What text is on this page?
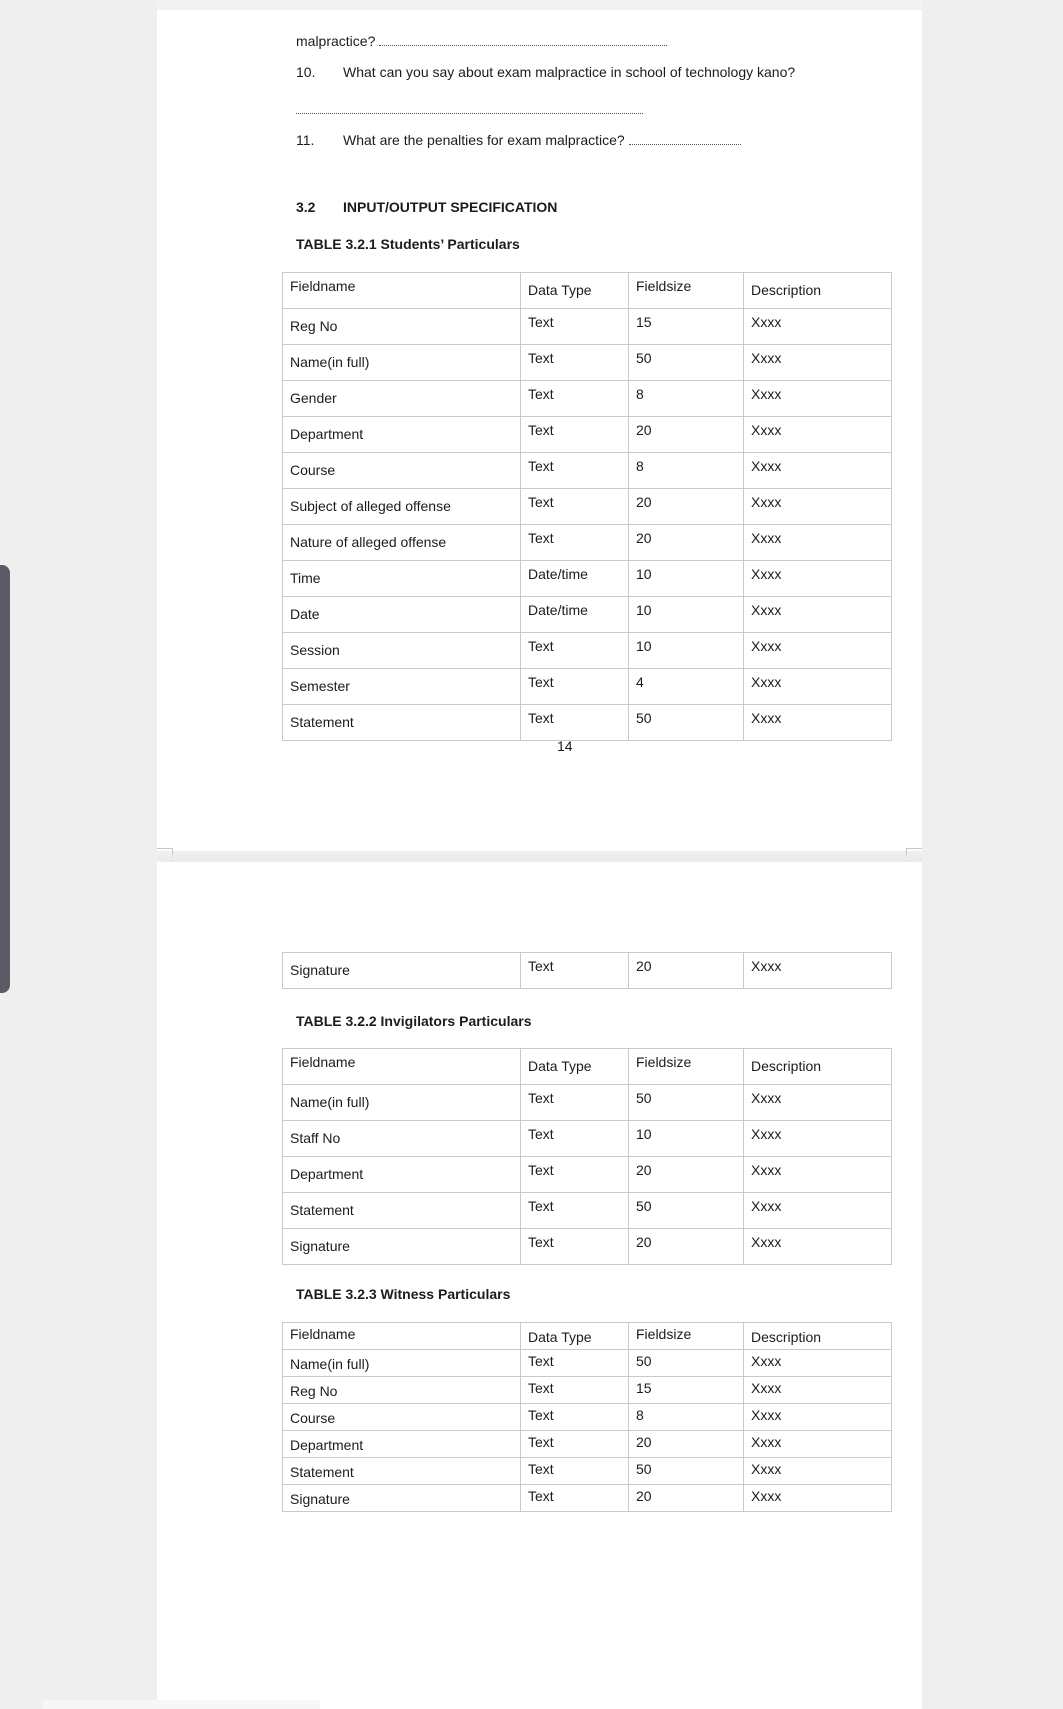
malpractice?
10. What can you say about exam malpractice in school of technology kano?
11. What are the penalties for exam malpractice?
3.2 INPUT/OUTPUT SPECIFICATION
TABLE 3.2.1 Students’ Particulars
Fieldname	Data Type	Fieldsize	Description
Reg No	Text	15	Xxxx
Name(in full)	Text	50	Xxxx
Gender	Text	8	Xxxx
Department	Text	20	Xxxx
Course	Text	8	Xxxx
Subject of alleged offense	Text	20	Xxxx
Nature of alleged offense	Text	20	Xxxx
Time	Date/time	10	Xxxx
Date	Date/time	10	Xxxx
Session	Text	10	Xxxx
Semester	Text	4	Xxxx
Statement	Text	50	Xxxx
14
Signature	Text	20	Xxxx
TABLE 3.2.2 Invigilators Particulars
Fieldname	Data Type	Fieldsize	Description
Name(in full)	Text	50	Xxxx
Staff No	Text	10	Xxxx
Department	Text	20	Xxxx
Statement	Text	50	Xxxx
Signature	Text	20	Xxxx
TABLE 3.2.3 Witness Particulars
Fieldname	Data Type	Fieldsize	Description
Name(in full)	Text	50	Xxxx
Reg No	Text	15	Xxxx
Course	Text	8	Xxxx
Department	Text	20	Xxxx
Statement	Text	50	Xxxx
Signature	Text	20	Xxxx
